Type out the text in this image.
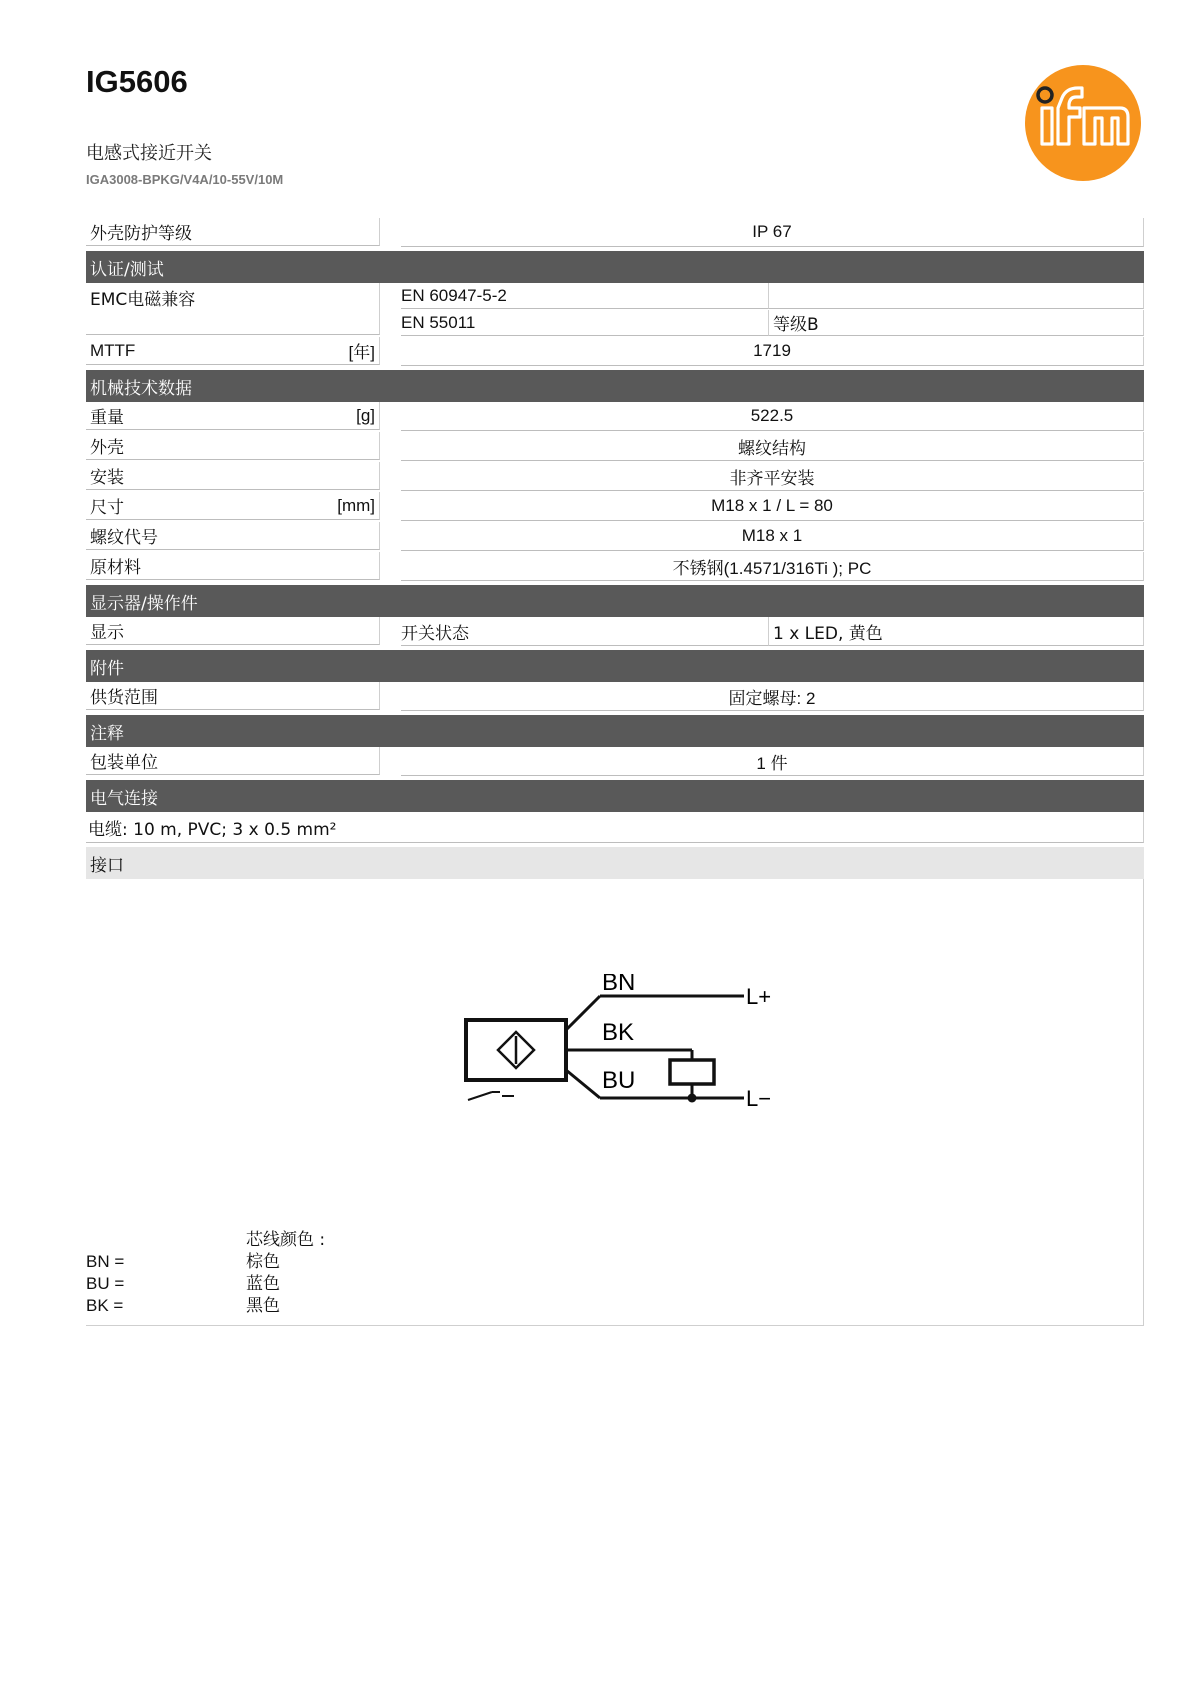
IG5606
电感式接近开关
IGA3008-BPKG/V4A/10-55V/10M
外壳防护等级	IP 67
认证/测试
EMC电磁兼容	EN 60947-5-2
EN 55011	等级B
MTTF	[年]	1719
机械技术数据
重量	[g]	522.5
外壳	螺纹结构
安装	非齐平安装
尺寸	[mm]	M18 x 1 / L = 80
螺纹代号	M18 x 1
原材料	不锈钢(1.4571/316Ti ); PC
显示器/操作件
显示	开关状态	1 x LED, 黄色
附件
供货范围	固定螺母: 2
注释
包装单位	1 件
电气连接
电缆: 10 m, PVC; 3 x 0.5 mm²
接口
BN
BK
BU
L+
L−
芯线颜色 :
BN =	棕色
BU =	蓝色
BK =	黑色
